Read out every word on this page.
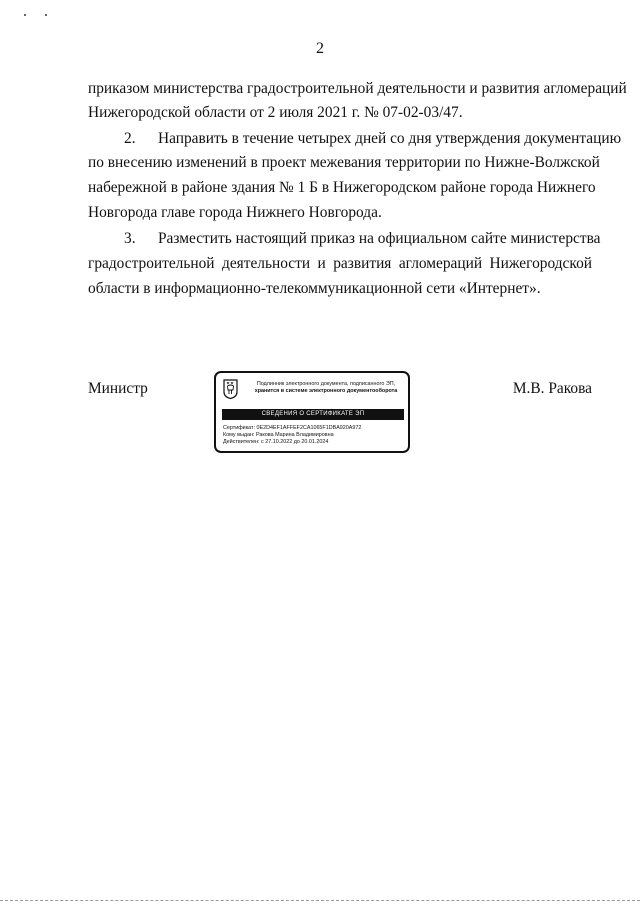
2
приказом министерства градостроительной деятельности и развития агломераций
Нижегородской области от 2 июля 2021 г. № 07-02-03/47.
2. Направить в течение четырех дней со дня утверждения документацию
по внесению изменений в проект межевания территории по Нижне-Волжской
набережной в районе здания № 1 Б в Нижегородском районе города Нижнего
Новгорода главе города Нижнего Новгорода.
3. Разместить настоящий приказ на официальном сайте министерства
градостроительной деятельности и развития агломераций Нижегородской
области в информационно-телекоммуникационной сети «Интернет».
Министр	Подлинник электронного документа, подписанного ЭП,
хранится в системе электронного документооборота
СВЕДЕНИЯ О СЕРТИФИКАТЕ ЭП
Сертификат: 0E2D4EF1AFFEF2CA1065F1DBA920A972
Кому выдан: Ракова Марина Владимировна
Действителен: с 27.10.2022 до 20.01.2024
М.В. Ракова
